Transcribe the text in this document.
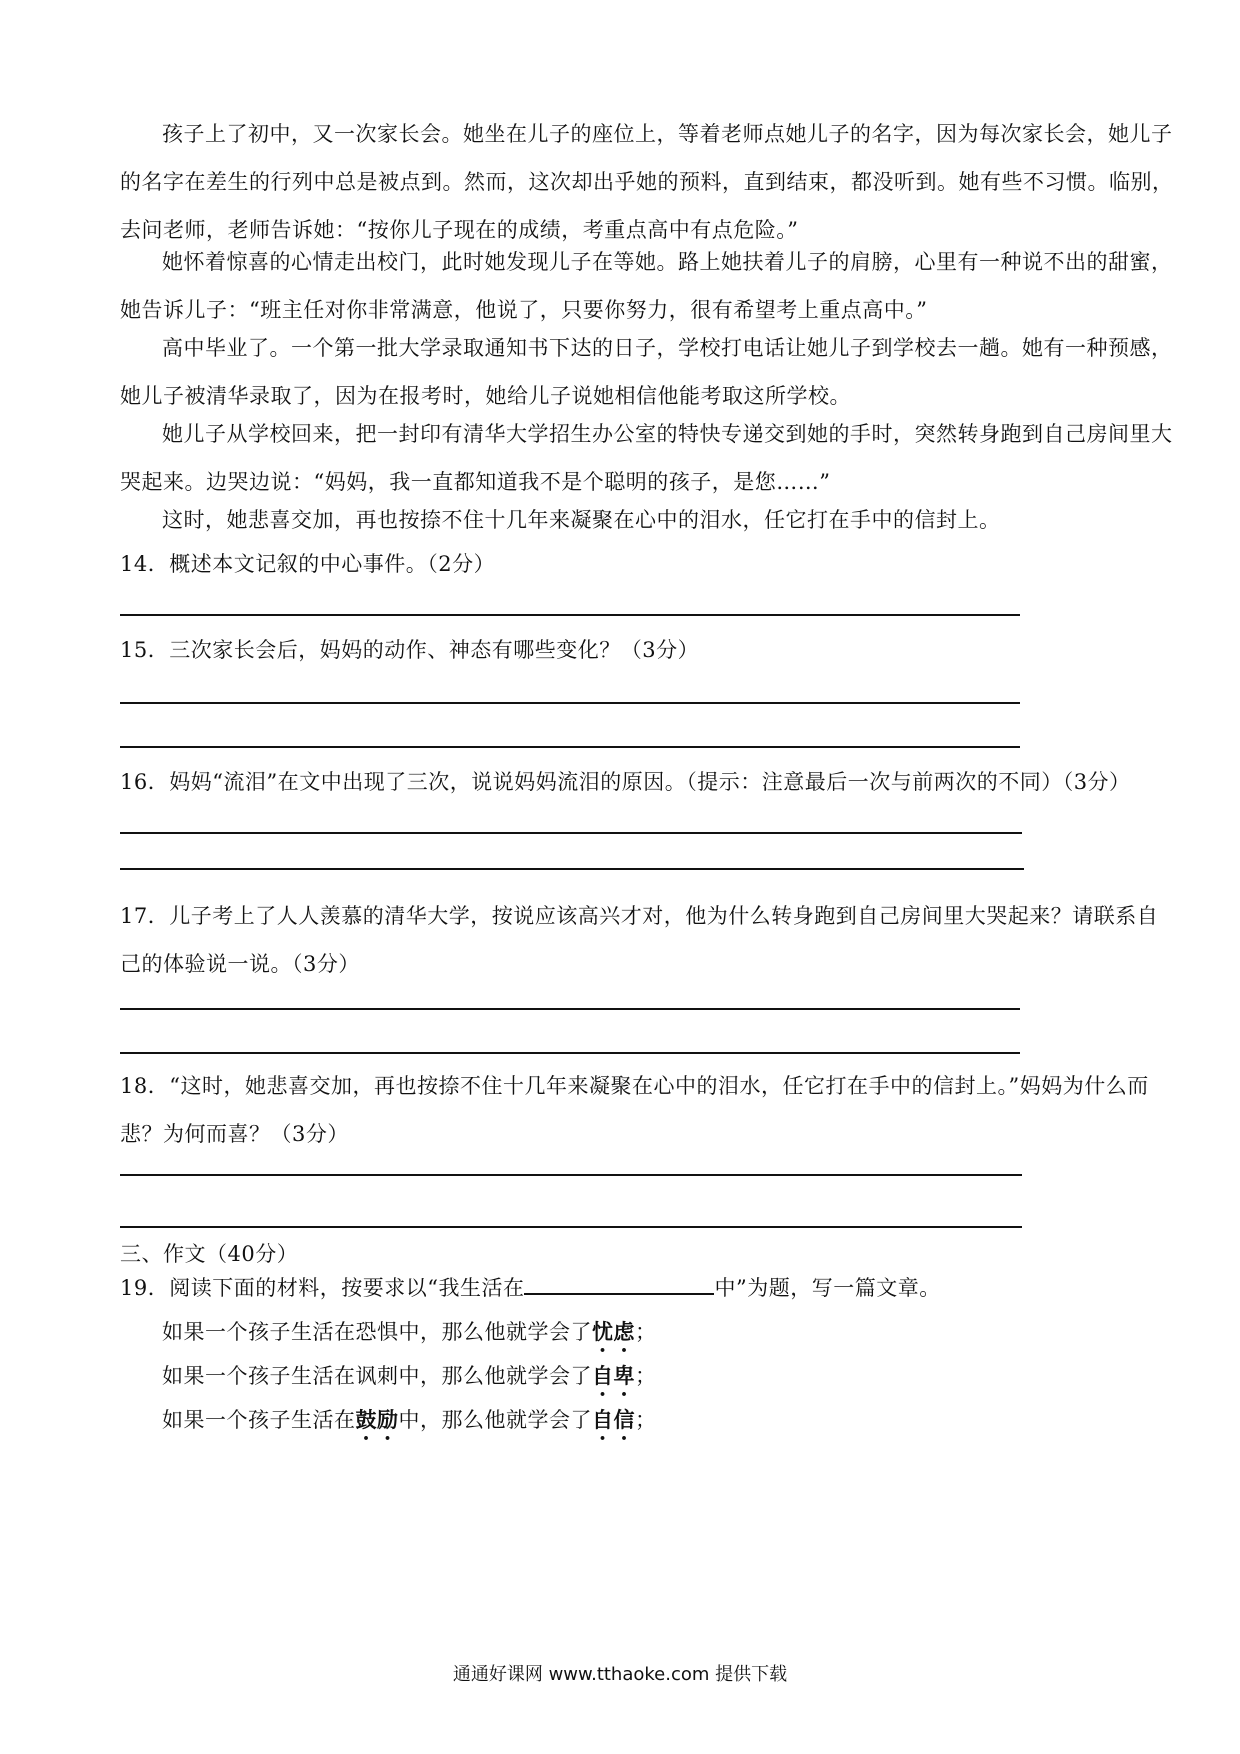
孩子上了初中，又一次家长会。她坐在儿子的座位上，等着老师点她儿子的名字，因为每次家长会，她儿子的名字在差生的行列中总是被点到。然而，这次却出乎她的预料，直到结束，都没听到。她有些不习惯。临别，去问老师，老师告诉她：“按你儿子现在的成绩，考重点高中有点危险。”

她怀着惊喜的心情走出校门，此时她发现儿子在等她。路上她扶着儿子的肩膀，心里有一种说不出的甜蜜，她告诉儿子：“班主任对你非常满意，他说了，只要你努力，很有希望考上重点高中。”

高中毕业了。一个第一批大学录取通知书下达的日子，学校打电话让她儿子到学校去一趟。她有一种预感，她儿子被清华录取了，因为在报考时，她给儿子说她相信他能考取这所学校。

她儿子从学校回来，把一封印有清华大学招生办公室的特快专递交到她的手时，突然转身跑到自己房间里大哭起来。边哭边说：“妈妈，我一直都知道我不是个聪明的孩子，是您……”

这时，她悲喜交加，再也按捺不住十几年来凝聚在心中的泪水，任它打在手中的信封上。

14．概述本文记叙的中心事件。（2分）

15．三次家长会后，妈妈的动作、神态有哪些变化？（3分）

16．妈妈“流泪”在文中出现了三次，说说妈妈流泪的原因。（提示：注意最后一次与前两次的不同）（3分）

17．儿子考上了人人羡慕的清华大学，按说应该高兴才对，他为什么转身跑到自己房间里大哭起来？请联系自己的体验说一说。（3分）

18．“这时，她悲喜交加，再也按捺不住十几年来凝聚在心中的泪水，任它打在手中的信封上。”妈妈为什么而悲？为何而喜？（3分）

三、作文（40分）

19．阅读下面的材料，按要求以“我生活在	中”为题，写一篇文章。

如果一个孩子生活在恐惧中，那么他就学会了忧虑；

如果一个孩子生活在讽刺中，那么他就学会了自卑；

如果一个孩子生活在鼓励中，那么他就学会了自信；

通通好课网 www.tthaoke.com 提供下载
